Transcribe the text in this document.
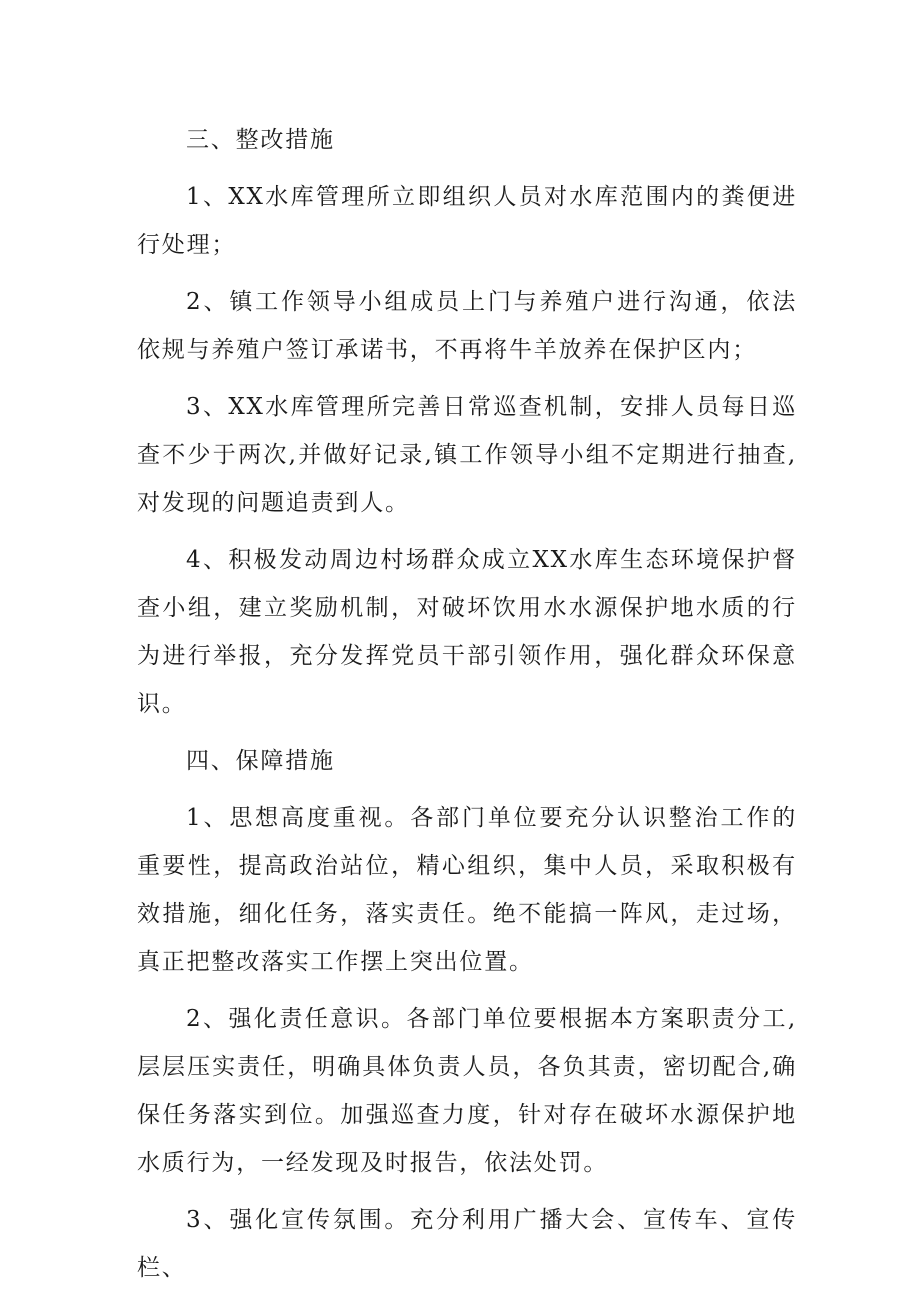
三、整改措施

1、XX水库管理所立即组织人员对水库范围内的粪便进行处理；

2、镇工作领导小组成员上门与养殖户进行沟通，依法依规与养殖户签订承诺书，不再将牛羊放养在保护区内；

3、XX水库管理所完善日常巡查机制，安排人员每日巡查不少于两次,并做好记录,镇工作领导小组不定期进行抽查,对发现的问题追责到人。

4、积极发动周边村场群众成立XX水库生态环境保护督查小组，建立奖励机制，对破坏饮用水水源保护地水质的行为进行举报，充分发挥党员干部引领作用，强化群众环保意识。

四、保障措施

1、思想高度重视。各部门单位要充分认识整治工作的重要性，提高政治站位，精心组织，集中人员，采取积极有效措施，细化任务，落实责任。绝不能搞一阵风，走过场，真正把整改落实工作摆上突出位置。

2、强化责任意识。各部门单位要根据本方案职责分工,层层压实责任，明确具体负责人员，各负其责，密切配合,确保任务落实到位。加强巡查力度，针对存在破坏水源保护地水质行为，一经发现及时报告，依法处罚。

3、强化宣传氛围。充分利用广播大会、宣传车、宣传栏、
